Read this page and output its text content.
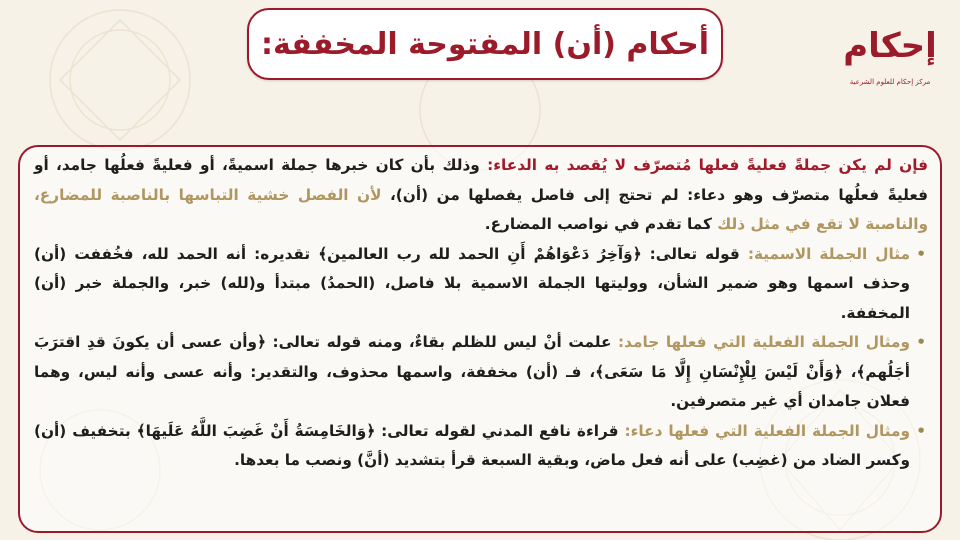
أحكام (أن) المفتوحة المخففة:	إحكام
مركز إحكام للعلوم الشرعية

فإن لم يكن جملةً فعليةً فعلها مُتصرّف لا يُقصد به الدعاء: وذلك بأن كان خبرها جملة اسميةً، أو فعليةً فعلُها جامد، أو فعليةً فعلُها متصرّف وهو دعاء: لم تحتج إلى فاصل يفصلها من (أن)، لأن الفصل خشية التباسها بالناصبة للمضارع، والناصبة لا تقع في مثل ذلك كما تقدم في نواصب المضارع.

• مثال الجملة الاسمية: قوله تعالى: ﴿وَآخِرُ دَعْوَاهُمْ أَنِ الحمد لله رب العالمين﴾ تقديره: أنه الحمد لله، فخُففت (أن) وحذف اسمها وهو ضمير الشأن، ووليتها الجملة الاسمية بلا فاصل، (الحمدُ) مبتدأ و(لله) خبر، والجملة خبر (أن) المخففة.
• ومثال الجملة الفعلية التي فعلها جامد: علمت أنْ ليس للظلم بقاءٌ، ومنه قوله تعالى: ﴿وأن عسى أن يكونَ قدِ اقترَبَ أجَلُهم﴾، ﴿وَأَنْ لَيْسَ لِلْإِنْسَانِ إِلَّا مَا سَعَى﴾، فـ (أن) مخففة، واسمها محذوف، والتقدير: وأنه عسى وأنه ليس، وهما فعلان جامدان أي غير متصرفين.
• ومثال الجملة الفعلية التي فعلها دعاء: قراءة نافع المدني لقوله تعالى: ﴿وَالخَامِسَةُ أَنْ غَضِبَ اللَّهُ عَلَيهَا﴾ بتخفيف (أن) وكسر الضاد من (غضِب) على أنه فعل ماض، وبقية السبعة قرأ بتشديد (أنَّ) ونصب ما بعدها.
